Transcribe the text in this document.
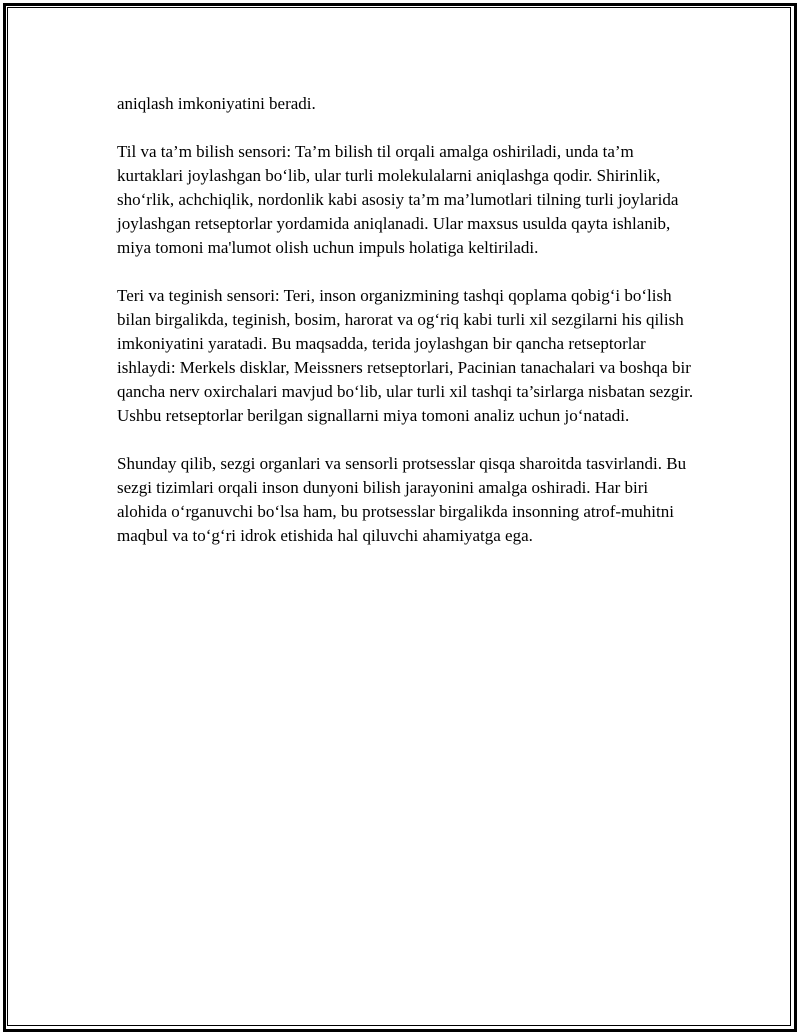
aniqlash imkoniyatini beradi.

Til va ta’m bilish sensori: Ta’m bilish til orqali amalga oshiriladi, unda ta’m kurtaklari joylashgan bo‘lib, ular turli molekulalarni aniqlashga qodir. Shirinlik, sho‘rlik, achchiqlik, nordonlik kabi asosiy ta’m ma’lumotlari tilning turli joylarida joylashgan retseptorlar yordamida aniqlanadi. Ular maxsus usulda qayta ishlanib, miya tomoni ma'lumot olish uchun impuls holatiga keltiriladi.

Teri va teginish sensori: Teri, inson organizmining tashqi qoplama qobig‘i bo‘lish bilan birgalikda, teginish, bosim, harorat va og‘riq kabi turli xil sezgilarni his qilish imkoniyatini yaratadi. Bu maqsadda, terida joylashgan bir qancha retseptorlar ishlaydi: Merkels disklar, Meissners retseptorlari, Pacinian tanachalari va boshqa bir qancha nerv oxirchalari mavjud bo‘lib, ular turli xil tashqi ta’sirlarga nisbatan sezgir. Ushbu retseptorlar berilgan signallarni miya tomoni analiz uchun jo‘natadi.

Shunday qilib, sezgi organlari va sensorli protsesslar qisqa sharoitda tasvirlandi. Bu sezgi tizimlari orqali inson dunyoni bilish jarayonini amalga oshiradi. Har biri alohida o‘rganuvchi bo‘lsa ham, bu protsesslar birgalikda insonning atrof-muhitni maqbul va to‘g‘ri idrok etishida hal qiluvchi ahamiyatga ega.
